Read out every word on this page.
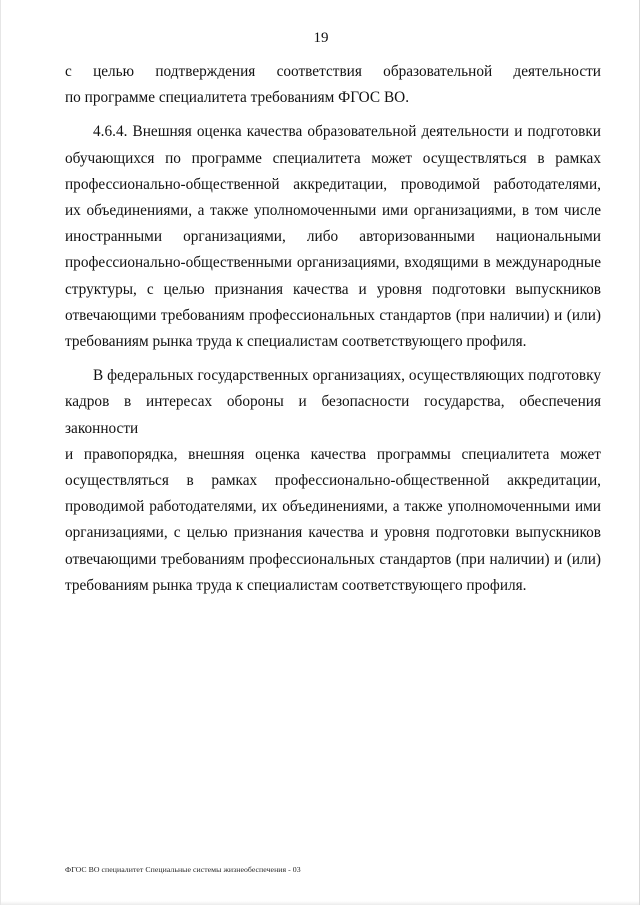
19

с целью подтверждения соответствия образовательной деятельности
по программе специалитета требованиям ФГОС ВО.

4.6.4. Внешняя оценка качества образовательной деятельности и подготовки
обучающихся по программе специалитета может осуществляться в рамках
профессионально-общественной аккредитации, проводимой работодателями,
их объединениями, а также уполномоченными ими организациями, в том числе
иностранными организациями, либо авторизованными национальными
профессионально-общественными организациями, входящими в международные
структуры, с целью признания качества и уровня подготовки выпускников
отвечающими требованиям профессиональных стандартов (при наличии) и (или)
требованиям рынка труда к специалистам соответствующего профиля.

В федеральных государственных организациях, осуществляющих подготовку
кадров в интересах обороны и безопасности государства, обеспечения законности
и правопорядка, внешняя оценка качества программы специалитета может
осуществляться в рамках профессионально-общественной аккредитации,
проводимой работодателями, их объединениями, а также уполномоченными ими
организациями, с целью признания качества и уровня подготовки выпускников
отвечающими требованиям профессиональных стандартов (при наличии) и (или)
требованиям рынка труда к специалистам соответствующего профиля.

ФГОС ВО специалитет Специальные системы жизнеобеспечения - 03
